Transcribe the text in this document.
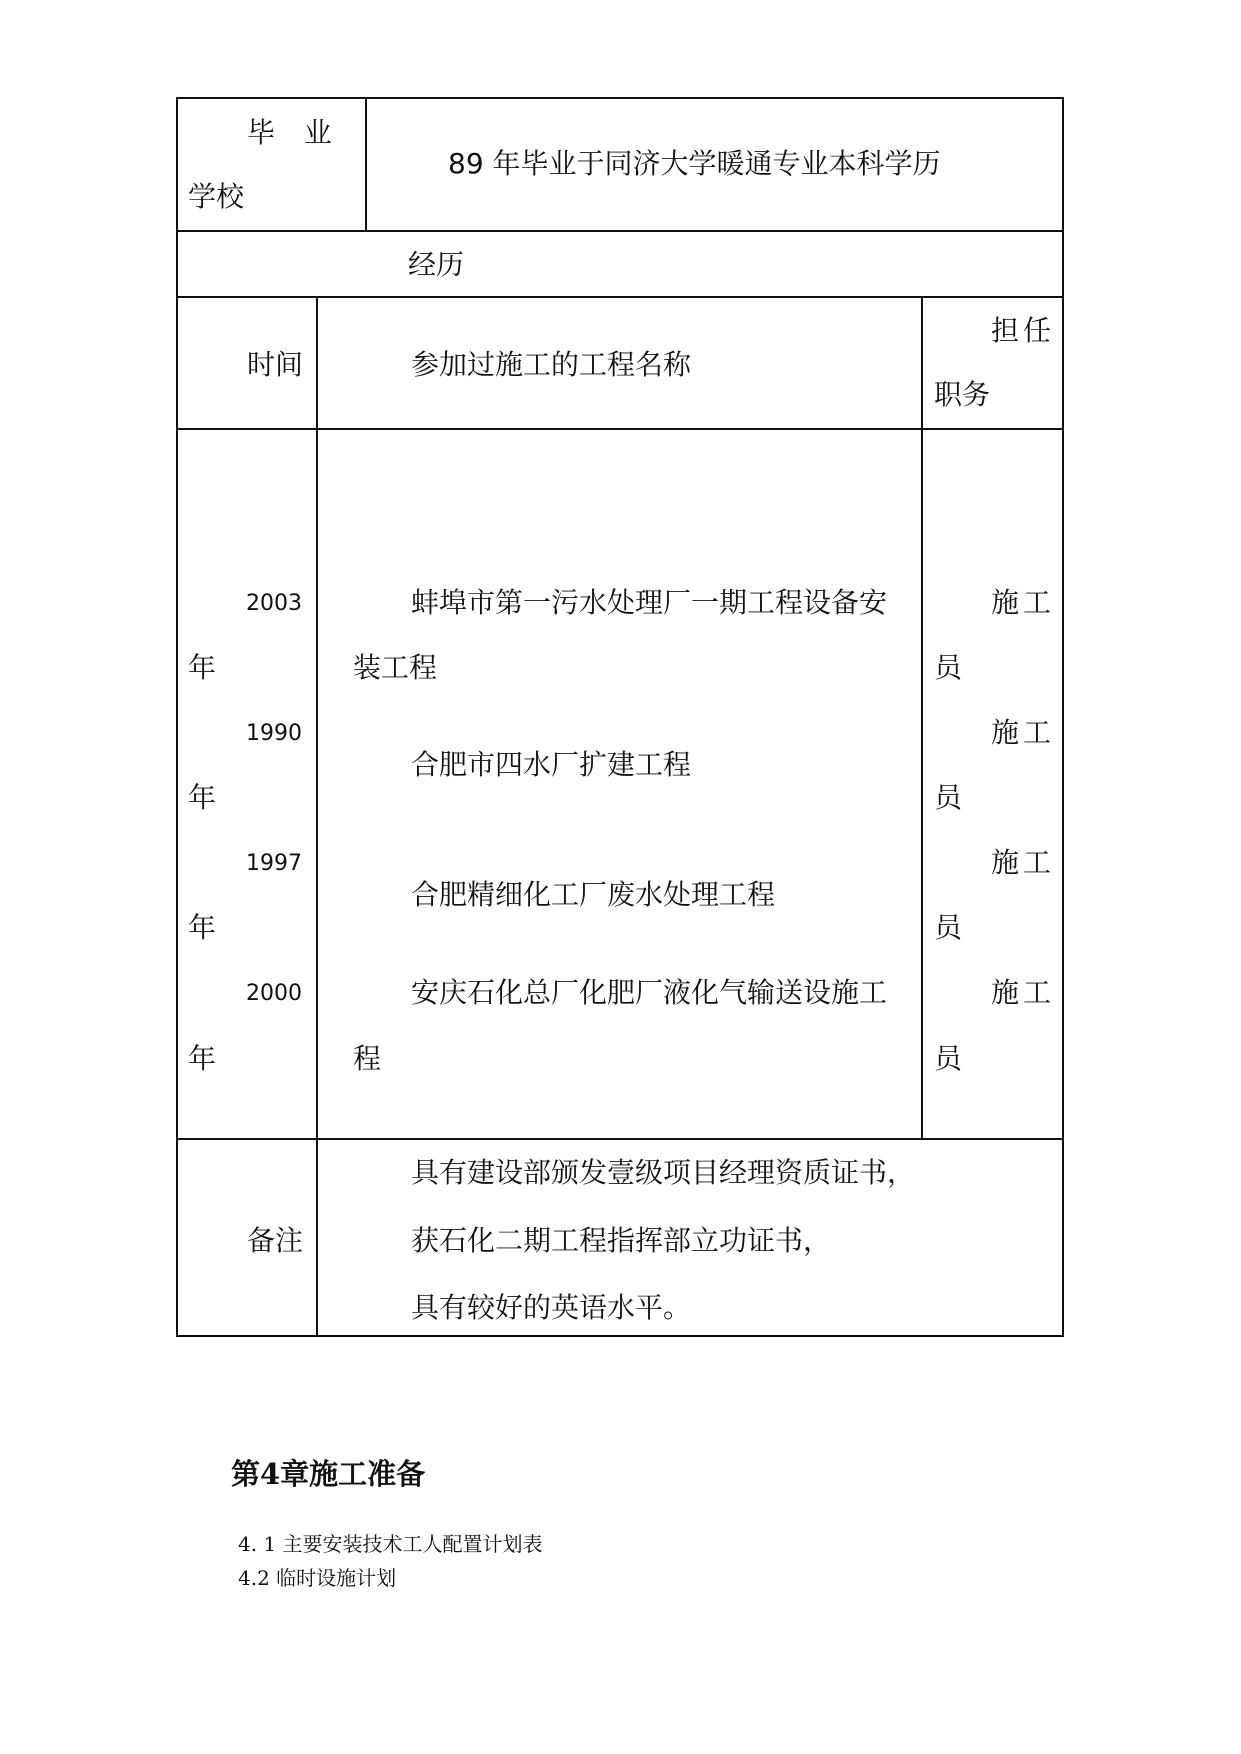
毕 业
学校
89 年毕业于同济大学暖通专业本科学历
经历
时间	参加过施工的工程名称
担任
职务
2003
年
蚌埠市第一污水处理厂一期工程设备安
装工程
施工
员
1990
年
合肥市四水厂扩建工程
施工
员
1997
年
合肥精细化工厂废水处理工程
施工
员
2000
年
安庆石化总厂化肥厂液化气输送设施工
程
施工
员
备注
具有建设部颁发壹级项目经理资质证书，
获石化二期工程指挥部立功证书，
具有较好的英语水平。
第4章施工准备
4. 1 主要安装技术工人配置计划表
4.2 临时设施计划
